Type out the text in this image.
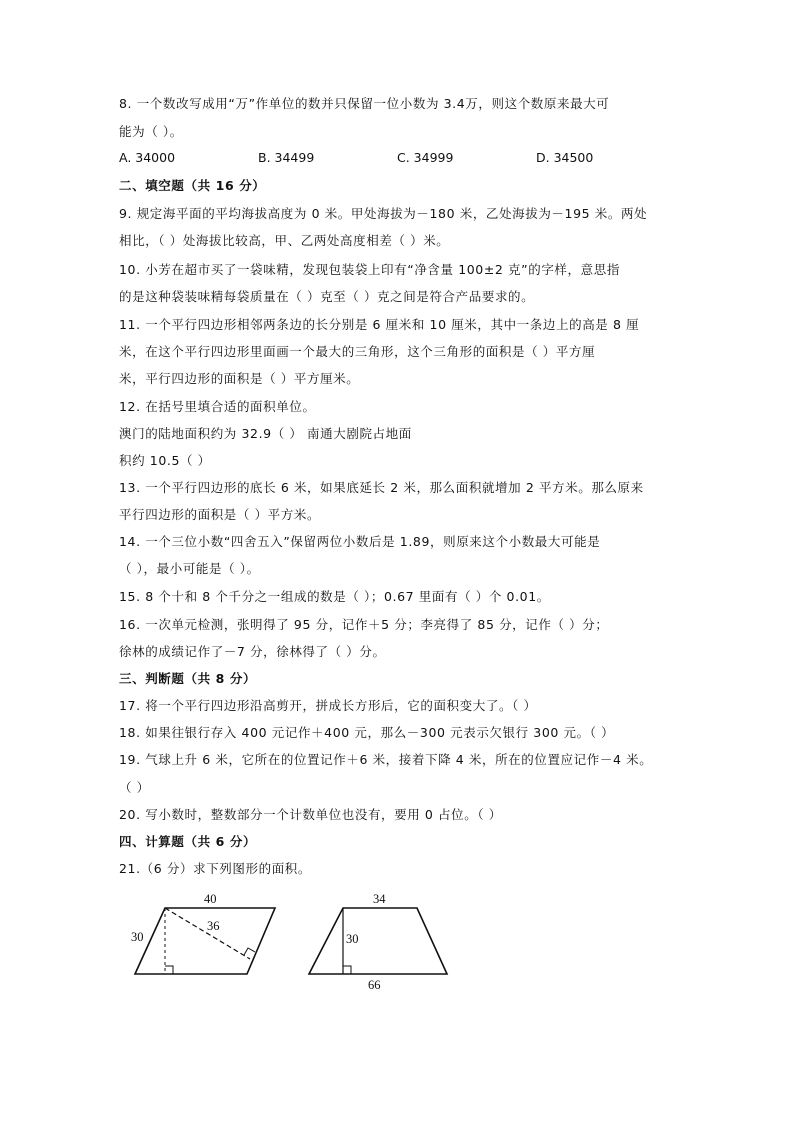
8. 一个数改写成用“万”作单位的数并只保留一位小数为 3.4万，则这个数原来最大可
能为（ ）。
A. 34000	B. 34499	C. 34999	D. 34500
二、填空题（共 16 分）
9. 规定海平面的平均海拔高度为 0 米。甲处海拔为－180 米，乙处海拔为－195 米。两处
相比，（ ）处海拔比较高，甲、乙两处高度相差（ ）米。
10. 小芳在超市买了一袋味精，发现包装袋上印有“净含量 100±2 克”的字样，意思指
的是这种袋装味精每袋质量在（ ）克至（ ）克之间是符合产品要求的。
11. 一个平行四边形相邻两条边的长分别是 6 厘米和 10 厘米，其中一条边上的高是 8 厘
米，在这个平行四边形里面画一个最大的三角形，这个三角形的面积是（ ）平方厘
米，平行四边形的面积是（ ）平方厘米。
12. 在括号里填合适的面积单位。
澳门的陆地面积约为 32.9（ ） 南通大剧院占地面
积约 10.5（ ）
13. 一个平行四边形的底长 6 米，如果底延长 2 米，那么面积就增加 2 平方米。那么原来
平行四边形的面积是（ ）平方米。
14. 一个三位小数“四舍五入”保留两位小数后是 1.89，则原来这个小数最大可能是
（ ），最小可能是（ ）。
15. 8 个十和 8 个千分之一组成的数是（ ）；0.67 里面有（ ）个 0.01。
16. 一次单元检测，张明得了 95 分，记作＋5 分；李亮得了 85 分，记作（ ）分；
徐林的成绩记作了－7 分，徐林得了（ ）分。
三、判断题（共 8 分）
17. 将一个平行四边形沿高剪开，拼成长方形后，它的面积变大了。（ ）
18. 如果往银行存入 400 元记作＋400 元，那么－300 元表示欠银行 300 元。（ ）
19. 气球上升 6 米，它所在的位置记作＋6 米，接着下降 4 米，所在的位置应记作－4 米。
（ ）
20. 写小数时，整数部分一个计数单位也没有，要用 0 占位。（ ）
四、计算题（共 6 分）
21.（6 分）求下列图形的面积。
40
30
36
34
30
66
